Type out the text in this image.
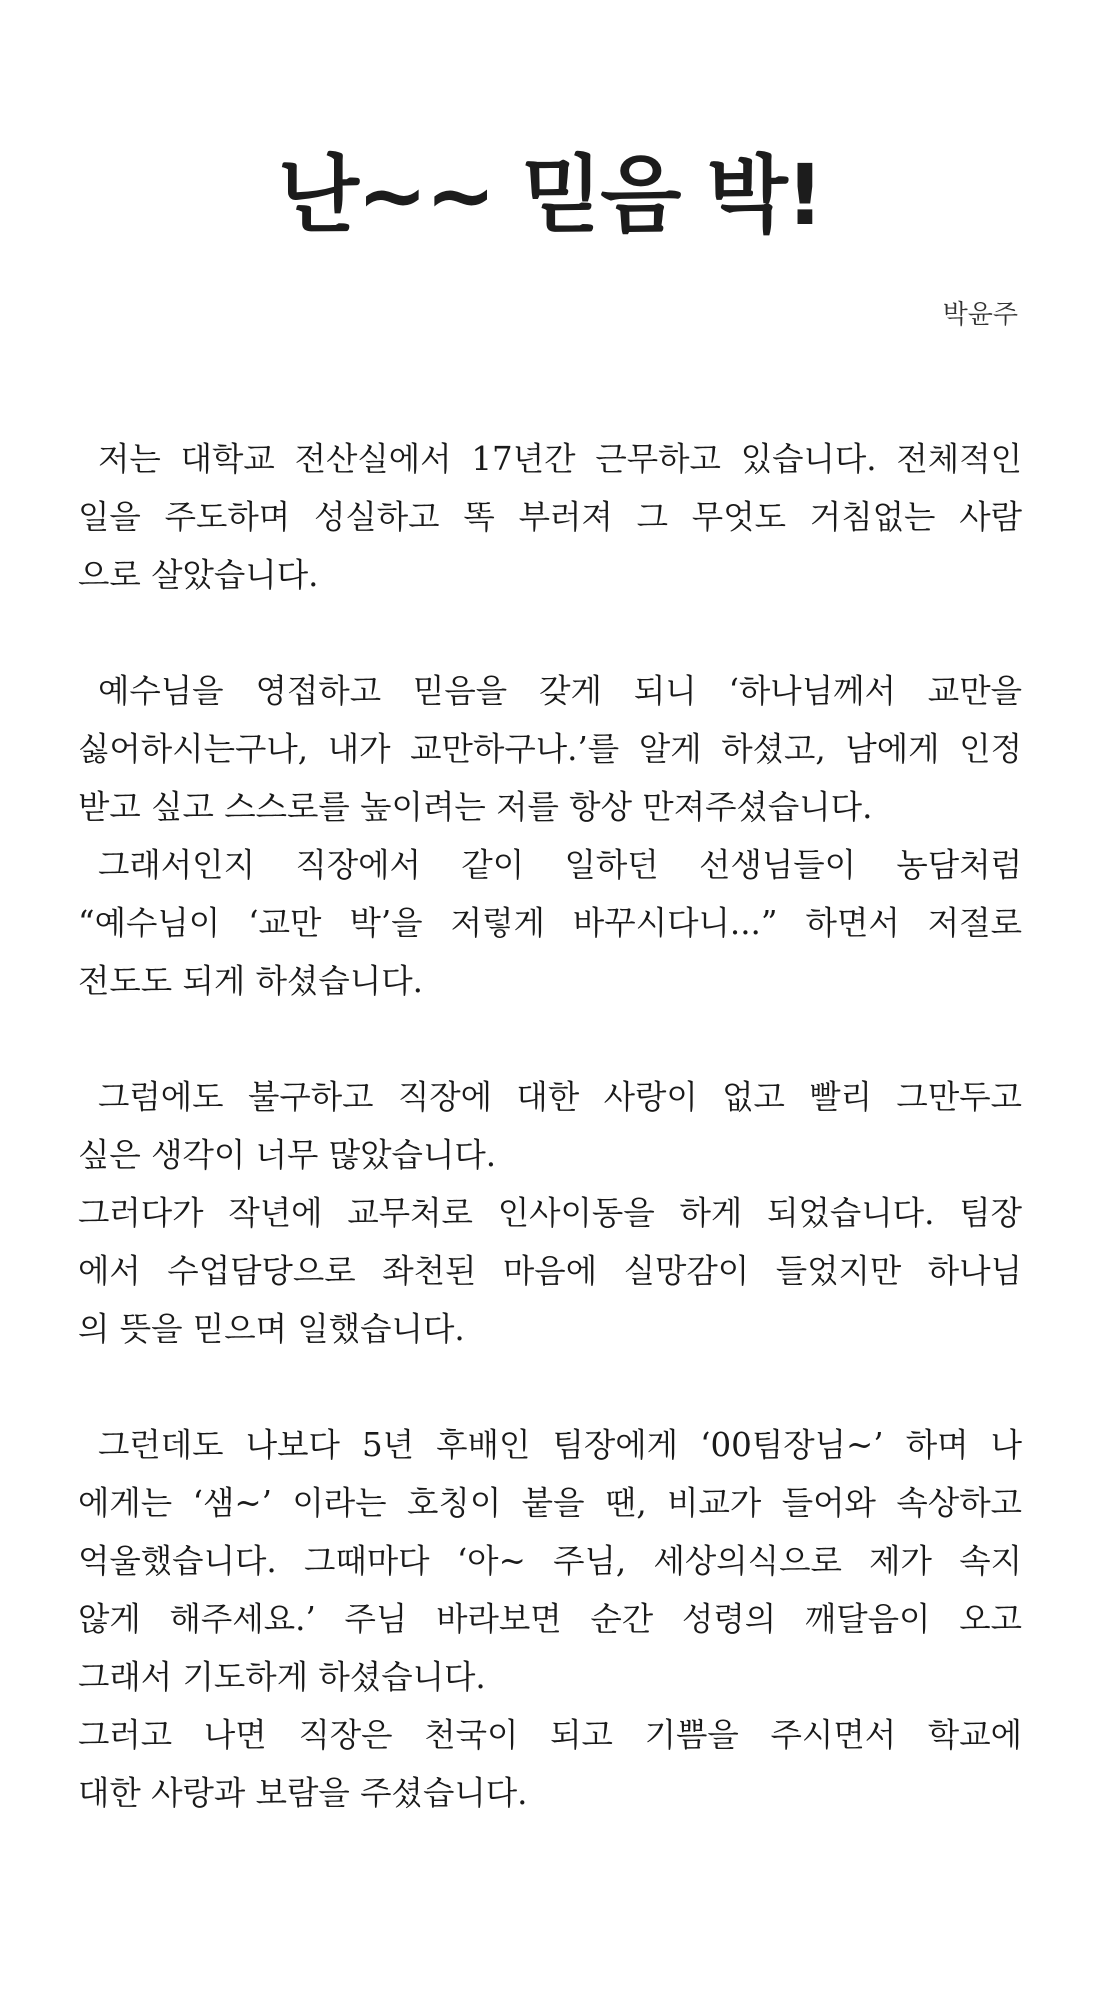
난~~ 믿음 박!

박윤주

저는 대학교 전산실에서 17년간 근무하고 있습니다. 전체적인
일을 주도하며 성실하고 똑 부러져 그 무엇도 거침없는 사람
으로 살았습니다.
예수님을 영접하고 믿음을 갖게 되니 ‘하나님께서 교만을
싫어하시는구나, 내가 교만하구나.’를 알게 하셨고, 남에게 인정
받고 싶고 스스로를 높이려는 저를 항상 만져주셨습니다.
그래서인지 직장에서 같이 일하던 선생님들이 농담처럼
“예수님이 ‘교만 박’을 저렇게 바꾸시다니...” 하면서 저절로
전도도 되게 하셨습니다.
그럼에도 불구하고 직장에 대한 사랑이 없고 빨리 그만두고
싶은 생각이 너무 많았습니다.
그러다가 작년에 교무처로 인사이동을 하게 되었습니다. 팀장
에서 수업담당으로 좌천된 마음에 실망감이 들었지만 하나님
의 뜻을 믿으며 일했습니다.
그런데도 나보다 5년 후배인 팀장에게 ‘00팀장님~’ 하며 나
에게는 ‘샘~’ 이라는 호칭이 붙을 땐, 비교가 들어와 속상하고
억울했습니다. 그때마다 ‘아~ 주님, 세상의식으로 제가 속지
않게 해주세요.’ 주님 바라보면 순간 성령의 깨달음이 오고
그래서 기도하게 하셨습니다.
그러고 나면 직장은 천국이 되고 기쁨을 주시면서 학교에
대한 사랑과 보람을 주셨습니다.
